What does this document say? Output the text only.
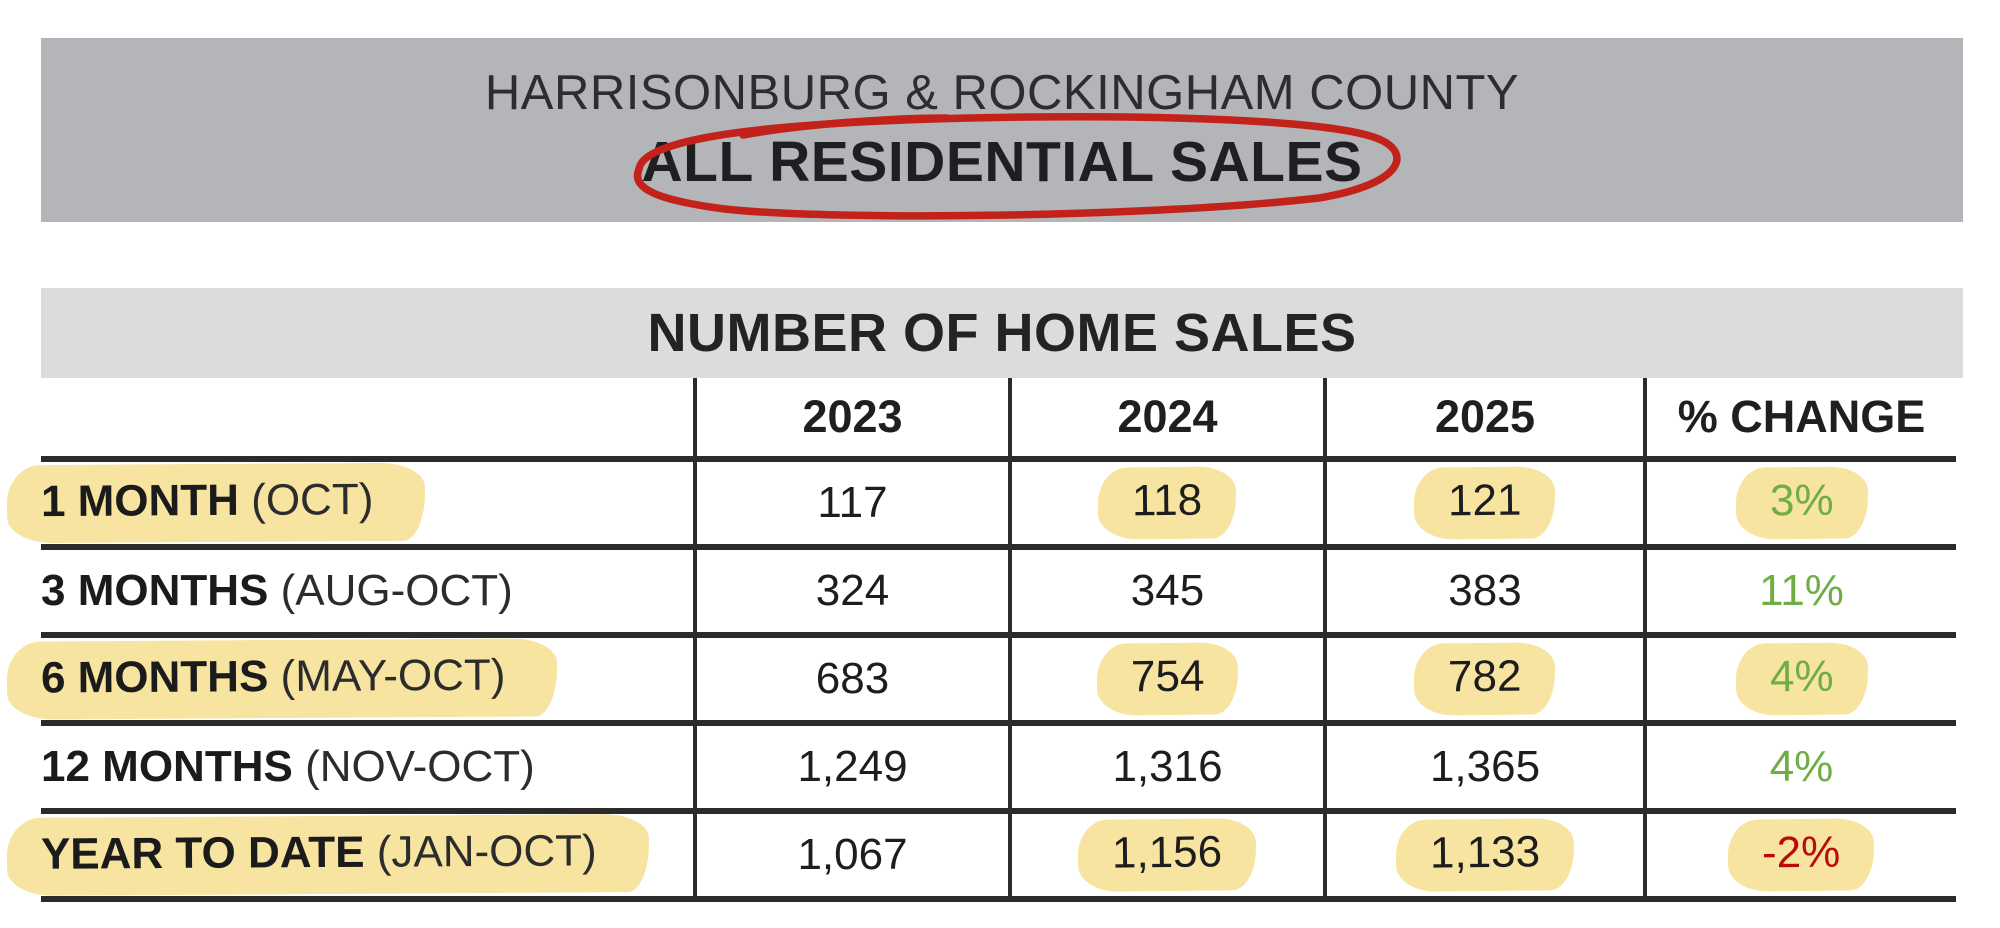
HARRISONBURG & ROCKINGHAM COUNTY
ALL RESIDENTIAL SALES
NUMBER OF HOME SALES
	2023	2024	2025	% CHANGE
1 MONTH (OCT)	117	118	121	3%
3 MONTHS (AUG-OCT)	324	345	383	11%
6 MONTHS (MAY-OCT)	683	754	782	4%
12 MONTHS (NOV-OCT)	1,249	1,316	1,365	4%
YEAR TO DATE (JAN-OCT)	1,067	1,156	1,133	-2%
